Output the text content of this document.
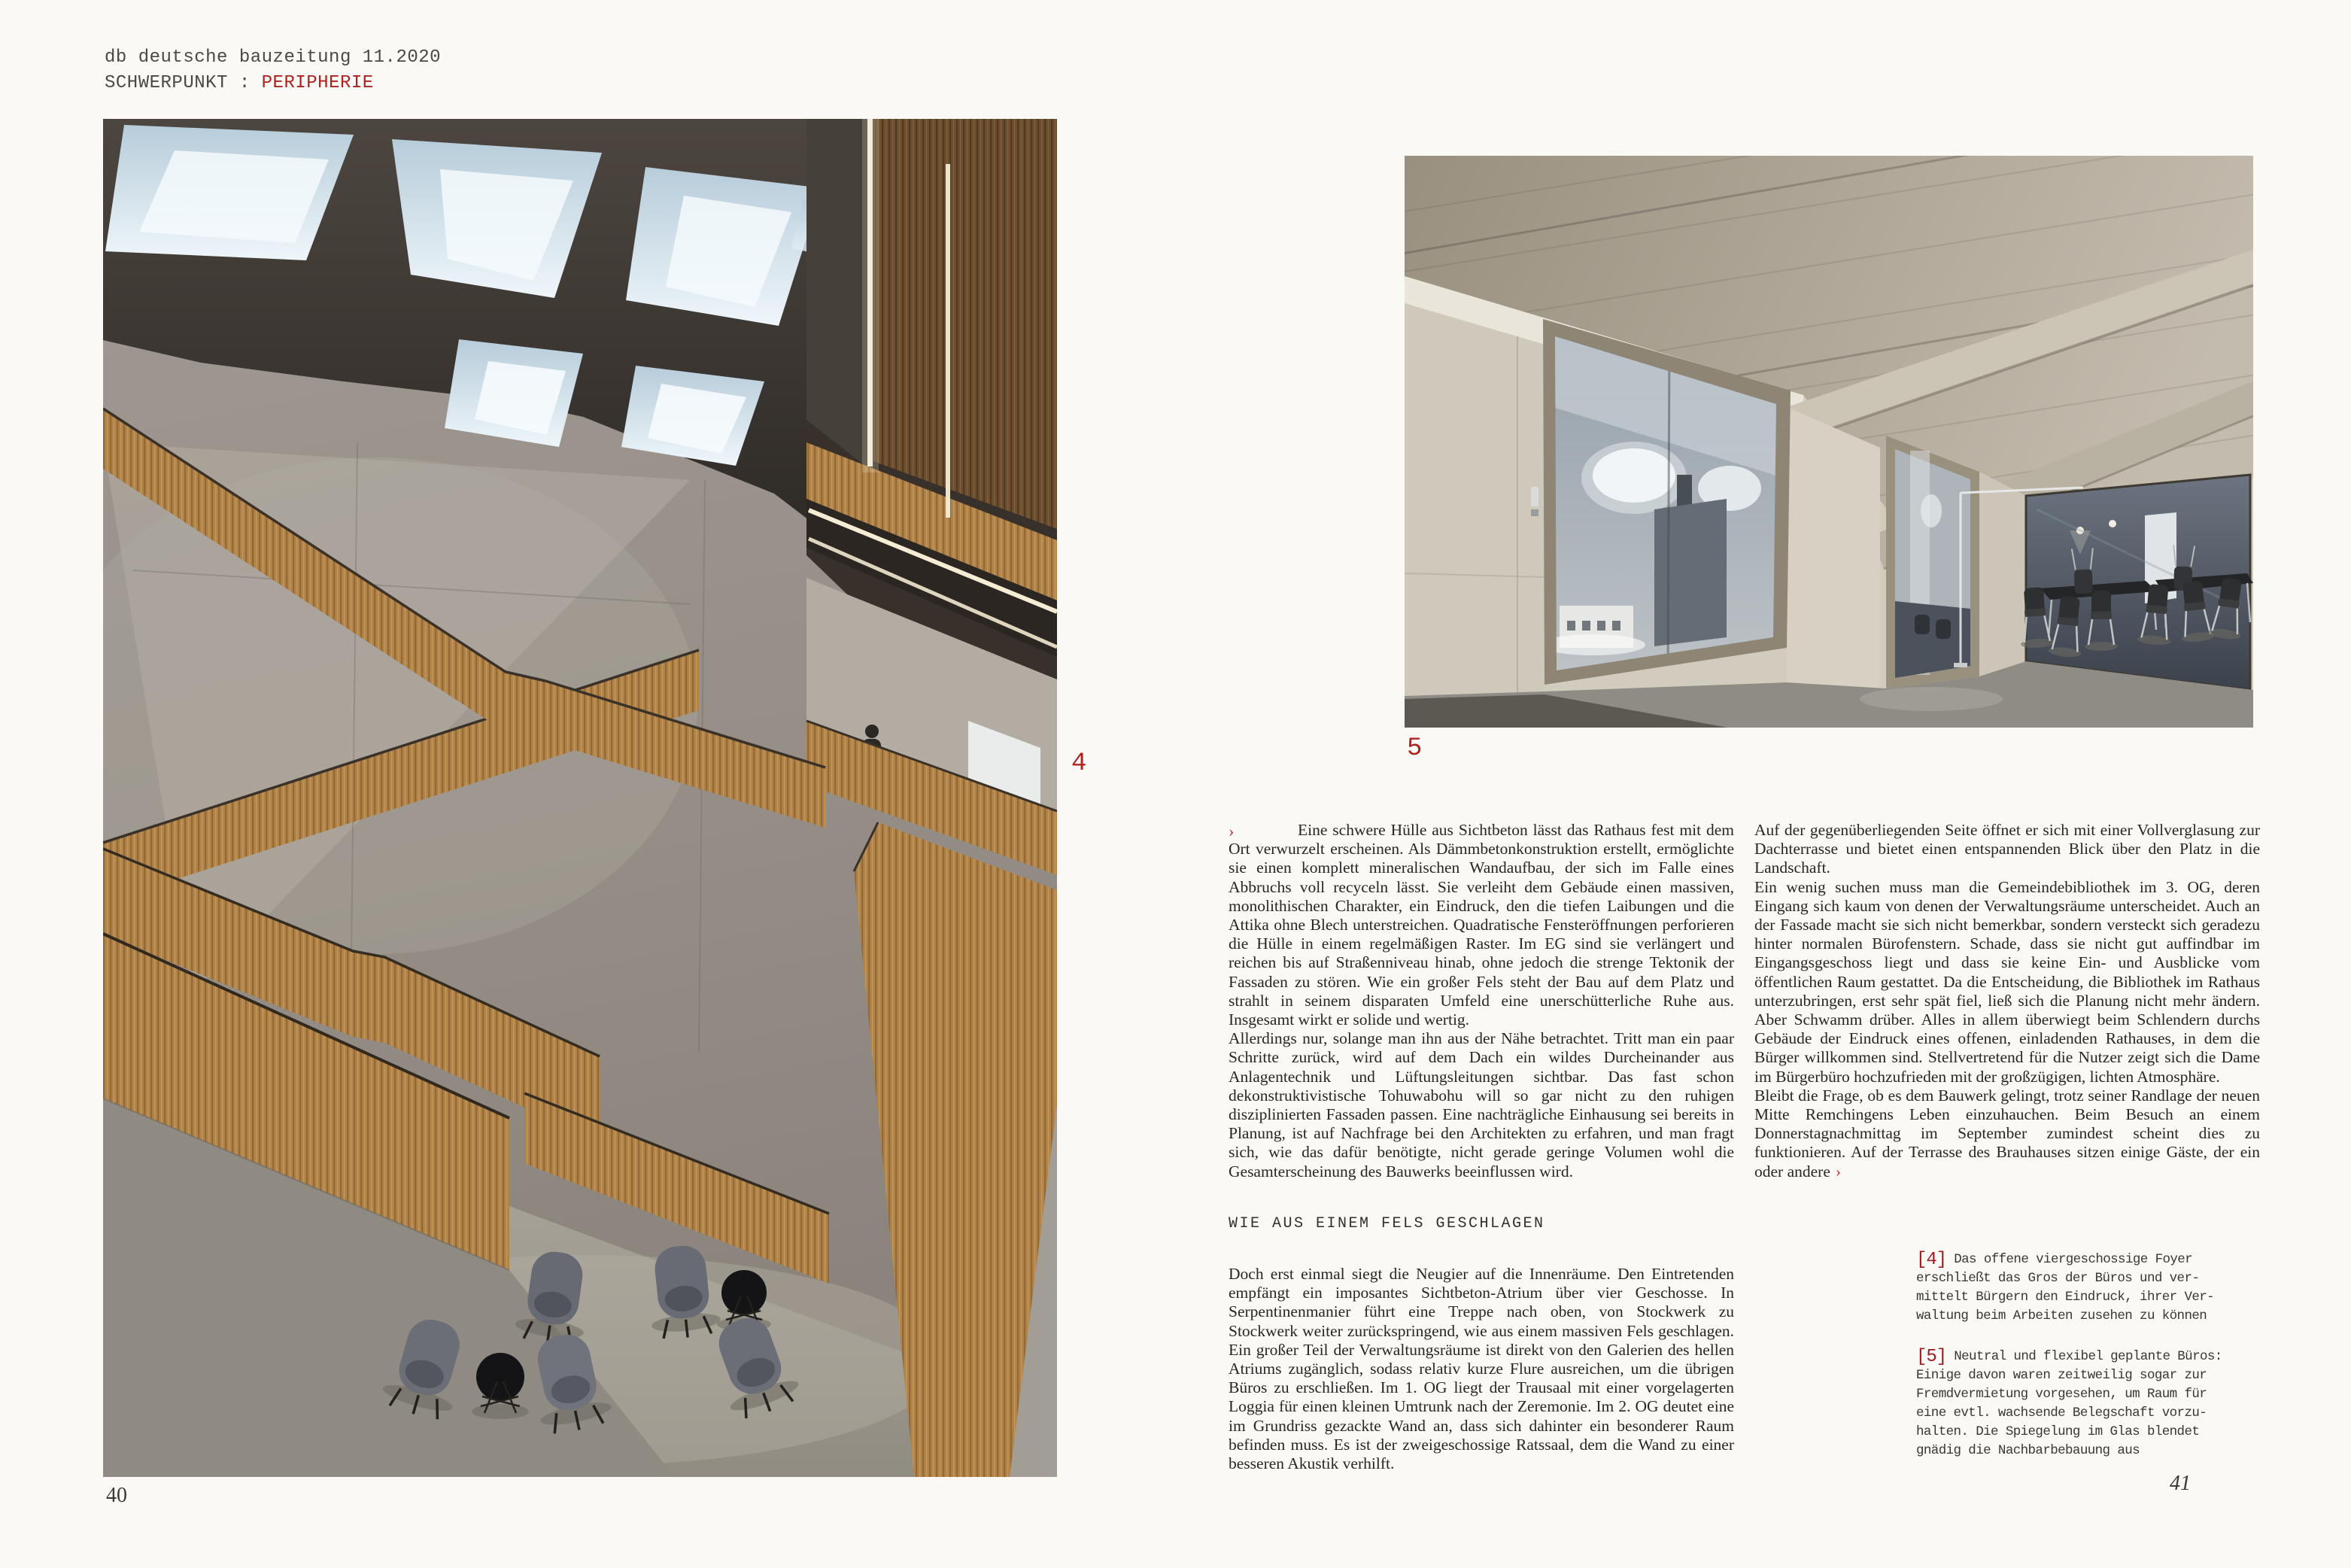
db deutsche bauzeitung 11.2020
SCHWERPUNKT : PERIPHERIE
4
5

›	Eine schwere Hülle aus Sichtbeton lässt das Rathaus fest mit dem Ort verwurzelt erscheinen. Als Dämmbetonkonstruktion erstellt, ermöglichte sie einen komplett mineralischen Wandaufbau, der sich im Falle eines Abbruchs voll recyceln lässt. Sie verleiht dem Gebäude einen massiven, monolithischen Charakter, ein Eindruck, den die tiefen Laibungen und die Attika ohne Blech unterstreichen. Quadratische Fensteröffnungen perforieren die Hülle in einem regelmäßigen Raster. Im EG sind sie verlängert und reichen bis auf Straßenniveau hinab, ohne jedoch die strenge Tektonik der Fassaden zu stören. Wie ein großer Fels steht der Bau auf dem Platz und strahlt in seinem disparaten Umfeld eine unerschütterliche Ruhe aus. Insgesamt wirkt er solide und wertig.

Allerdings nur, solange man ihn aus der Nähe betrachtet. Tritt man ein paar Schritte zurück, wird auf dem Dach ein wildes Durcheinander aus Anlagentechnik und Lüftungsleitungen sichtbar. Das fast schon dekonstruktivistische Tohuwabohu will so gar nicht zu den ruhigen disziplinierten Fassaden passen. Eine nachträgliche Einhausung sei bereits in Planung, ist auf Nachfrage bei den Architekten zu erfahren, und man fragt sich, wie das dafür benötigte, nicht gerade geringe Volumen wohl die Gesamterscheinung des Bauwerks beeinflussen wird.

WIE AUS EINEM FELS GESCHLAGEN

Doch erst einmal siegt die Neugier auf die Innenräume. Den Eintretenden empfängt ein imposantes Sichtbeton-Atrium über vier Geschosse. In Serpentinenmanier führt eine Treppe nach oben, von Stockwerk zu Stockwerk weiter zurückspringend, wie aus einem massiven Fels geschlagen. Ein großer Teil der Verwaltungsräume ist direkt von den Galerien des hellen Atriums zugänglich, sodass relativ kurze Flure ausreichen, um die übrigen Büros zu erschließen. Im 1. OG liegt der Trausaal mit einer vorgelagerten Loggia für einen kleinen Umtrunk nach der Zeremonie. Im 2. OG deutet eine im Grundriss gezackte Wand an, dass sich dahinter ein besonderer Raum befinden muss. Es ist der zweigeschossige Ratssaal, dem die Wand zu einer besseren Akustik verhilft.

Auf der gegenüberliegenden Seite öffnet er sich mit einer Vollverglasung zur Dachterrasse und bietet einen entspannenden Blick über den Platz in die Landschaft.

Ein wenig suchen muss man die Gemeindebibliothek im 3. OG, deren Eingang sich kaum von denen der Verwaltungsräume unterscheidet. Auch an der Fassade macht sie sich nicht bemerkbar, sondern versteckt sich geradezu hinter normalen Bürofenstern. Schade, dass sie nicht gut auffindbar im Eingangsgeschoss liegt und dass sie keine Ein- und Ausblicke vom öffentlichen Raum gestattet. Da die Entscheidung, die Bibliothek im Rathaus unterzubringen, erst sehr spät fiel, ließ sich die Planung nicht mehr ändern. Aber Schwamm drüber. Alles in allem überwiegt beim Schlendern durchs Gebäude der Eindruck eines offenen, einladenden Rathauses, in dem die Bürger willkommen sind. Stellvertretend für die Nutzer zeigt sich die Dame im Bürgerbüro hochzufrieden mit der großzügigen, lichten Atmosphäre.

Bleibt die Frage, ob es dem Bauwerk gelingt, trotz seiner Randlage der neuen Mitte Remchingens Leben einzuhauchen. Beim Besuch an einem Donnerstagnachmittag im September zumindest scheint dies zu funktionieren. Auf der Terrasse des Brauhauses sitzen einige Gäste, der ein oder andere ›

[4] Das offene viergeschossige Foyer
erschließt das Gros der Büros und ver-
mittelt Bürgern den Eindruck, ihrer Ver-
waltung beim Arbeiten zusehen zu können
[5] Neutral und flexibel geplante Büros:
Einige davon waren zeitweilig sogar zur
Fremdvermietung vorgesehen, um Raum für
eine evtl. wachsende Belegschaft vorzu-
halten. Die Spiegelung im Glas blendet
gnädig die Nachbarbebauung aus
40
41
